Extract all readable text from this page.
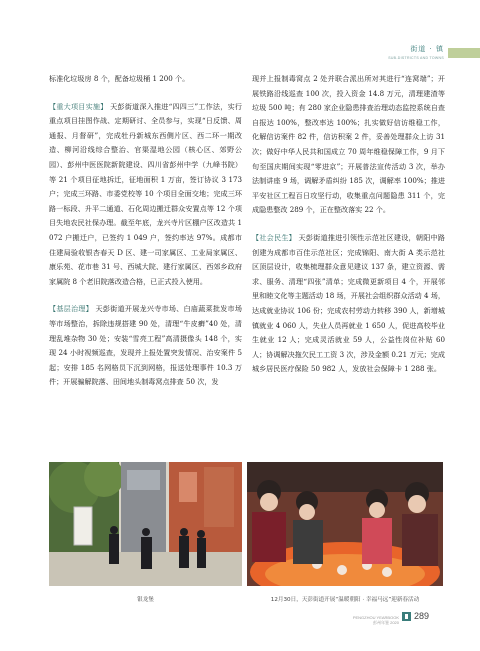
街道 · 镇
SUB-DISTRICTS AND TOWNS

标准化垃圾房 8 个，配备垃圾桶 1 200 个。

【重大项目实施】 天彭街道深入推进“四四三”工作法，实行重点项目挂图作战、定期研讨、全员参与，实现“日反馈、周通报、月督研”，完成牡丹新城东西侧片区、西二环一期改造、柳河沿线综合整治、官渠湿地公园（核心区、郊野公园）、彭州中医医院新院建设、四川省彭州中学（九峰书院）等 21 个项目征地拆迁，征地面积 1 万亩，签订协议 3 173 户；完成三环路、市委党校等 10 个项目全面交地；完成三环路一标段、升平二通道、石化周边搬迁群众安置点等 12 个项目失地农民社保办理。截至年底，龙兴寺片区棚户区改造共 1 072 户搬迁户，已签约 1 049 户，签约率达 97%。成都市住建局验收银杏春天 D 区、建一司家属区、工业局家属区、康乐苑、花市巷 31 号、西城大院、建行家属区、西郊乡政府家属院 8 个老旧院落改造合格，已正式投入使用。

【基层治理】 天彭街道开展龙兴寺市场、白庙蔬菜批发市场等市场整治，拆除违规搭建 90 处，清理“牛皮癣”40 处，清理乱堆杂物 30 处；安装“雪亮工程”高清摄像头 148 个，实现 24 小时视频巡查，发现并上报处置突发情况、治安案件 5 起；安排 185 名网格员下沉到网格，报送处理事件 10.3 万件；开展骗解院落、田间地头制毒窝点排查 50 次，发

现并上报制毒窝点 2 处并联合派出所对其进行“连窝端”；开展铁路沿线巡查 100 次，投入资金 14.8 万元，清理建渣等垃圾 500 吨；有 280 家企业隐患排查治理动态监控系统自查自报达 100%，整改率达 100%；扎实做好信访维稳工作，化解信访案件 82 件，信访积案 2 件，妥善处理群众上访 31 次；做好中华人民共和国成立 70 周年维稳保障工作，9 月下旬至国庆期间实现“零进京”；开展普法宣传活动 3 次，举办法制讲座 9 场，调解矛盾纠纷 185 次，调解率 100%；推进平安社区工程百日攻坚行动，收集重点问题隐患 311 个，完成隐患整改 289 个，正在整改落实 22 个。

【社会民生】 天彭街道推进引领性示范社区建设，朝阳中路创建为成都市百佳示范社区；完成锦阳、南大街 A 类示范社区顶层设计，收集梳理群众意见建议 137 条，建立资源、需求、服务、清理“四张”清单；完成微更新项目 4 个，开展邻里和睦文化等主题活动 18 场，开展社会组织群众活动 4 场，达成就业协议 106 份；完成农村劳动力转移 390 人，新增城镇就业 4 060 人，失业人员再就业 1 650 人，促进高校毕业生就业 12 人；完成灵活就业 59 人，公益性岗位补贴 60 人；协调解决拖欠民工工资 3 次，涉及金额 0.21 万元；完成城乡居民医疗保险 50 982 人，发放社会保障卡 1 288 张。

银龙堡	12月30日，天彭街道开展“温暖朝阳 · 幸福马远”迎新春活动
PENGZHOU YEARBOOK
彭州年鉴 2020
289
